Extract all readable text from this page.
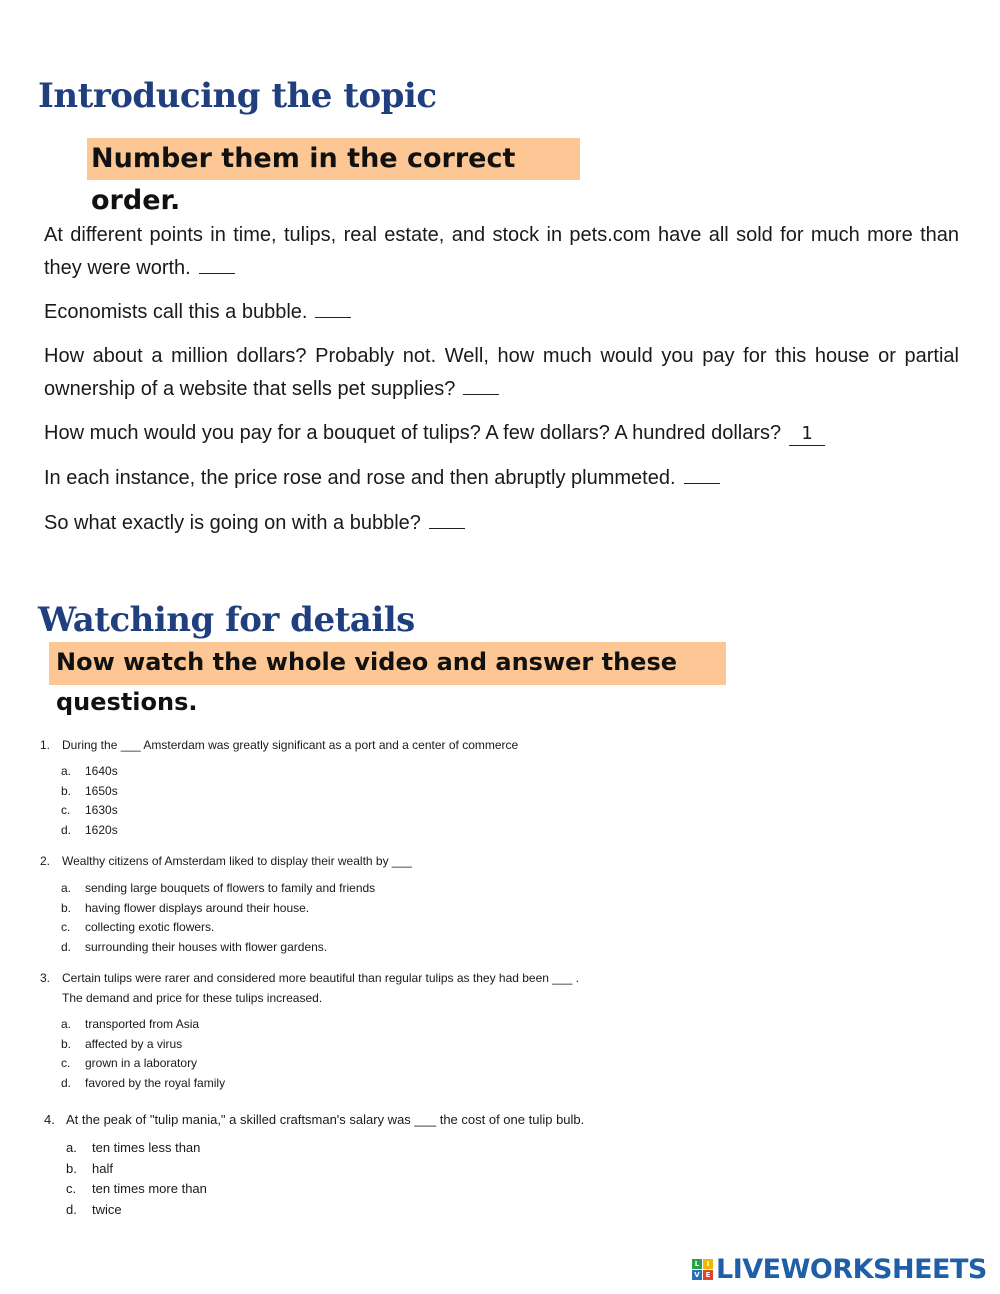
Introducing the topic
Number them in the correct order.

At different points in time, tulips, real estate, and stock in pets.com have all sold for much more than they were worth.

Economists call this a bubble.

How about a million dollars? Probably not. Well, how much would you pay for this house or partial ownership of a website that sells pet supplies?

How much would you pay for a bouquet of tulips? A few dollars? A hundred dollars? 1

In each instance, the price rose and rose and then abruptly plummeted.

So what exactly is going on with a bubble?

Watching for details
Now watch the whole video and answer these questions.
1. During the ___ Amsterdam was greatly significant as a port and a center of commerce
a. 1640s
b. 1650s
c. 1630s
d. 1620s
2. Wealthy citizens of Amsterdam liked to display their wealth by ___
a. sending large bouquets of flowers to family and friends
b. having flower displays around their house.
c. collecting exotic flowers.
d. surrounding their houses with flower gardens.
3. Certain tulips were rarer and considered more beautiful than regular tulips as they had been ___ .
The demand and price for these tulips increased.
a. transported from Asia
b. affected by a virus
c. grown in a laboratory
d. favored by the royal family
4. At the peak of "tulip mania," a skilled craftsman's salary was ___ the cost of one tulip bulb.
a. ten times less than
b. half
c. ten times more than
d. twice
L	I
V E LIVEWORKSHEETS
